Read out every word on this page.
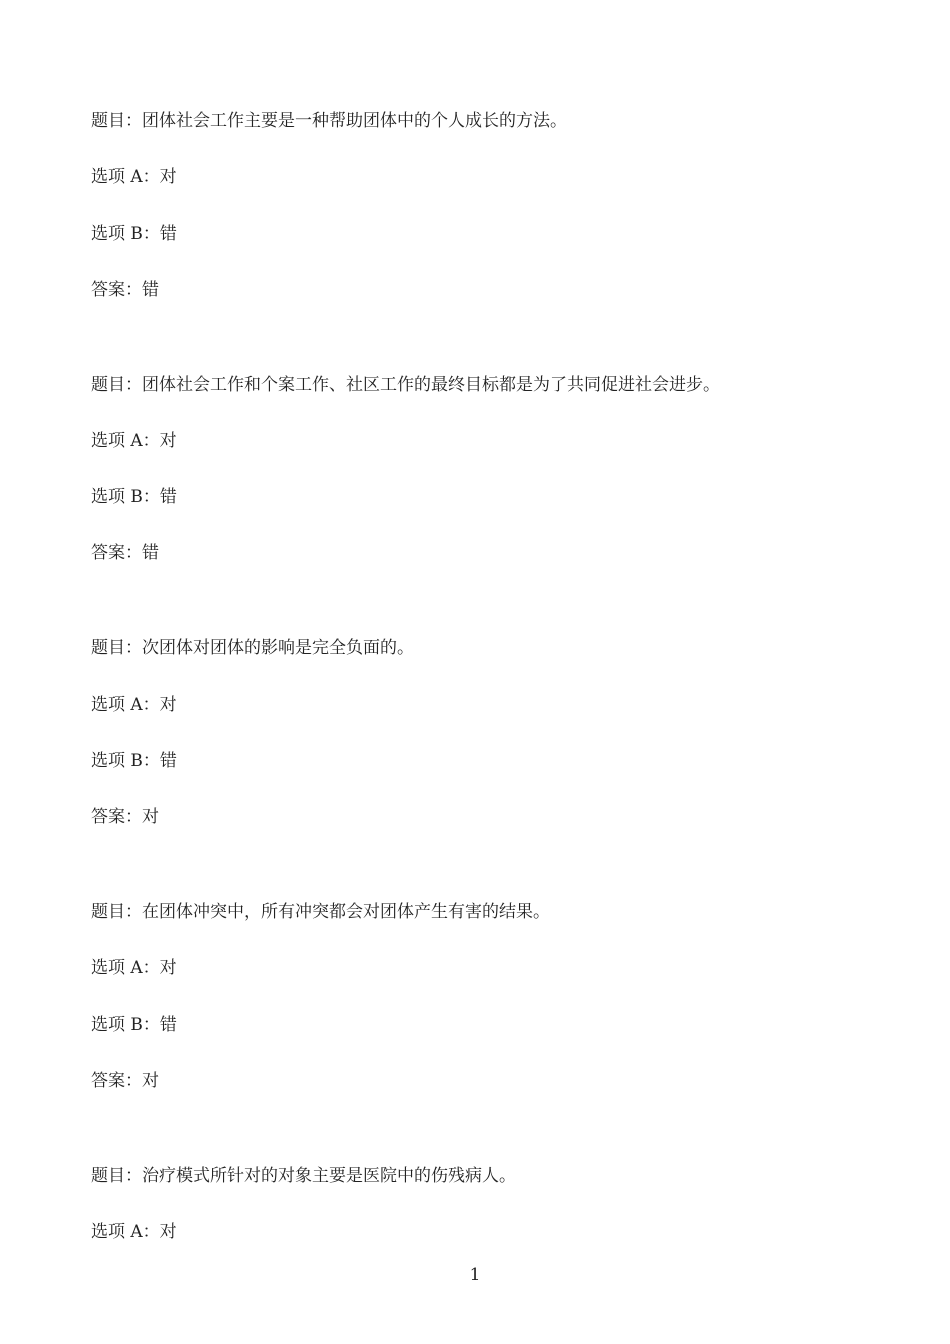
题目：团体社会工作主要是一种帮助团体中的个人成长的方法。
选项 A：对
选项 B：错
答案：错
题目：团体社会工作和个案工作、社区工作的最终目标都是为了共同促进社会进步。
选项 A：对
选项 B：错
答案：错
题目：次团体对团体的影响是完全负面的。
选项 A：对
选项 B：错
答案：对
题目：在团体冲突中，所有冲突都会对团体产生有害的结果。
选项 A：对
选项 B：错
答案：对
题目：治疗模式所针对的对象主要是医院中的伤残病人。
选项 A：对
1
